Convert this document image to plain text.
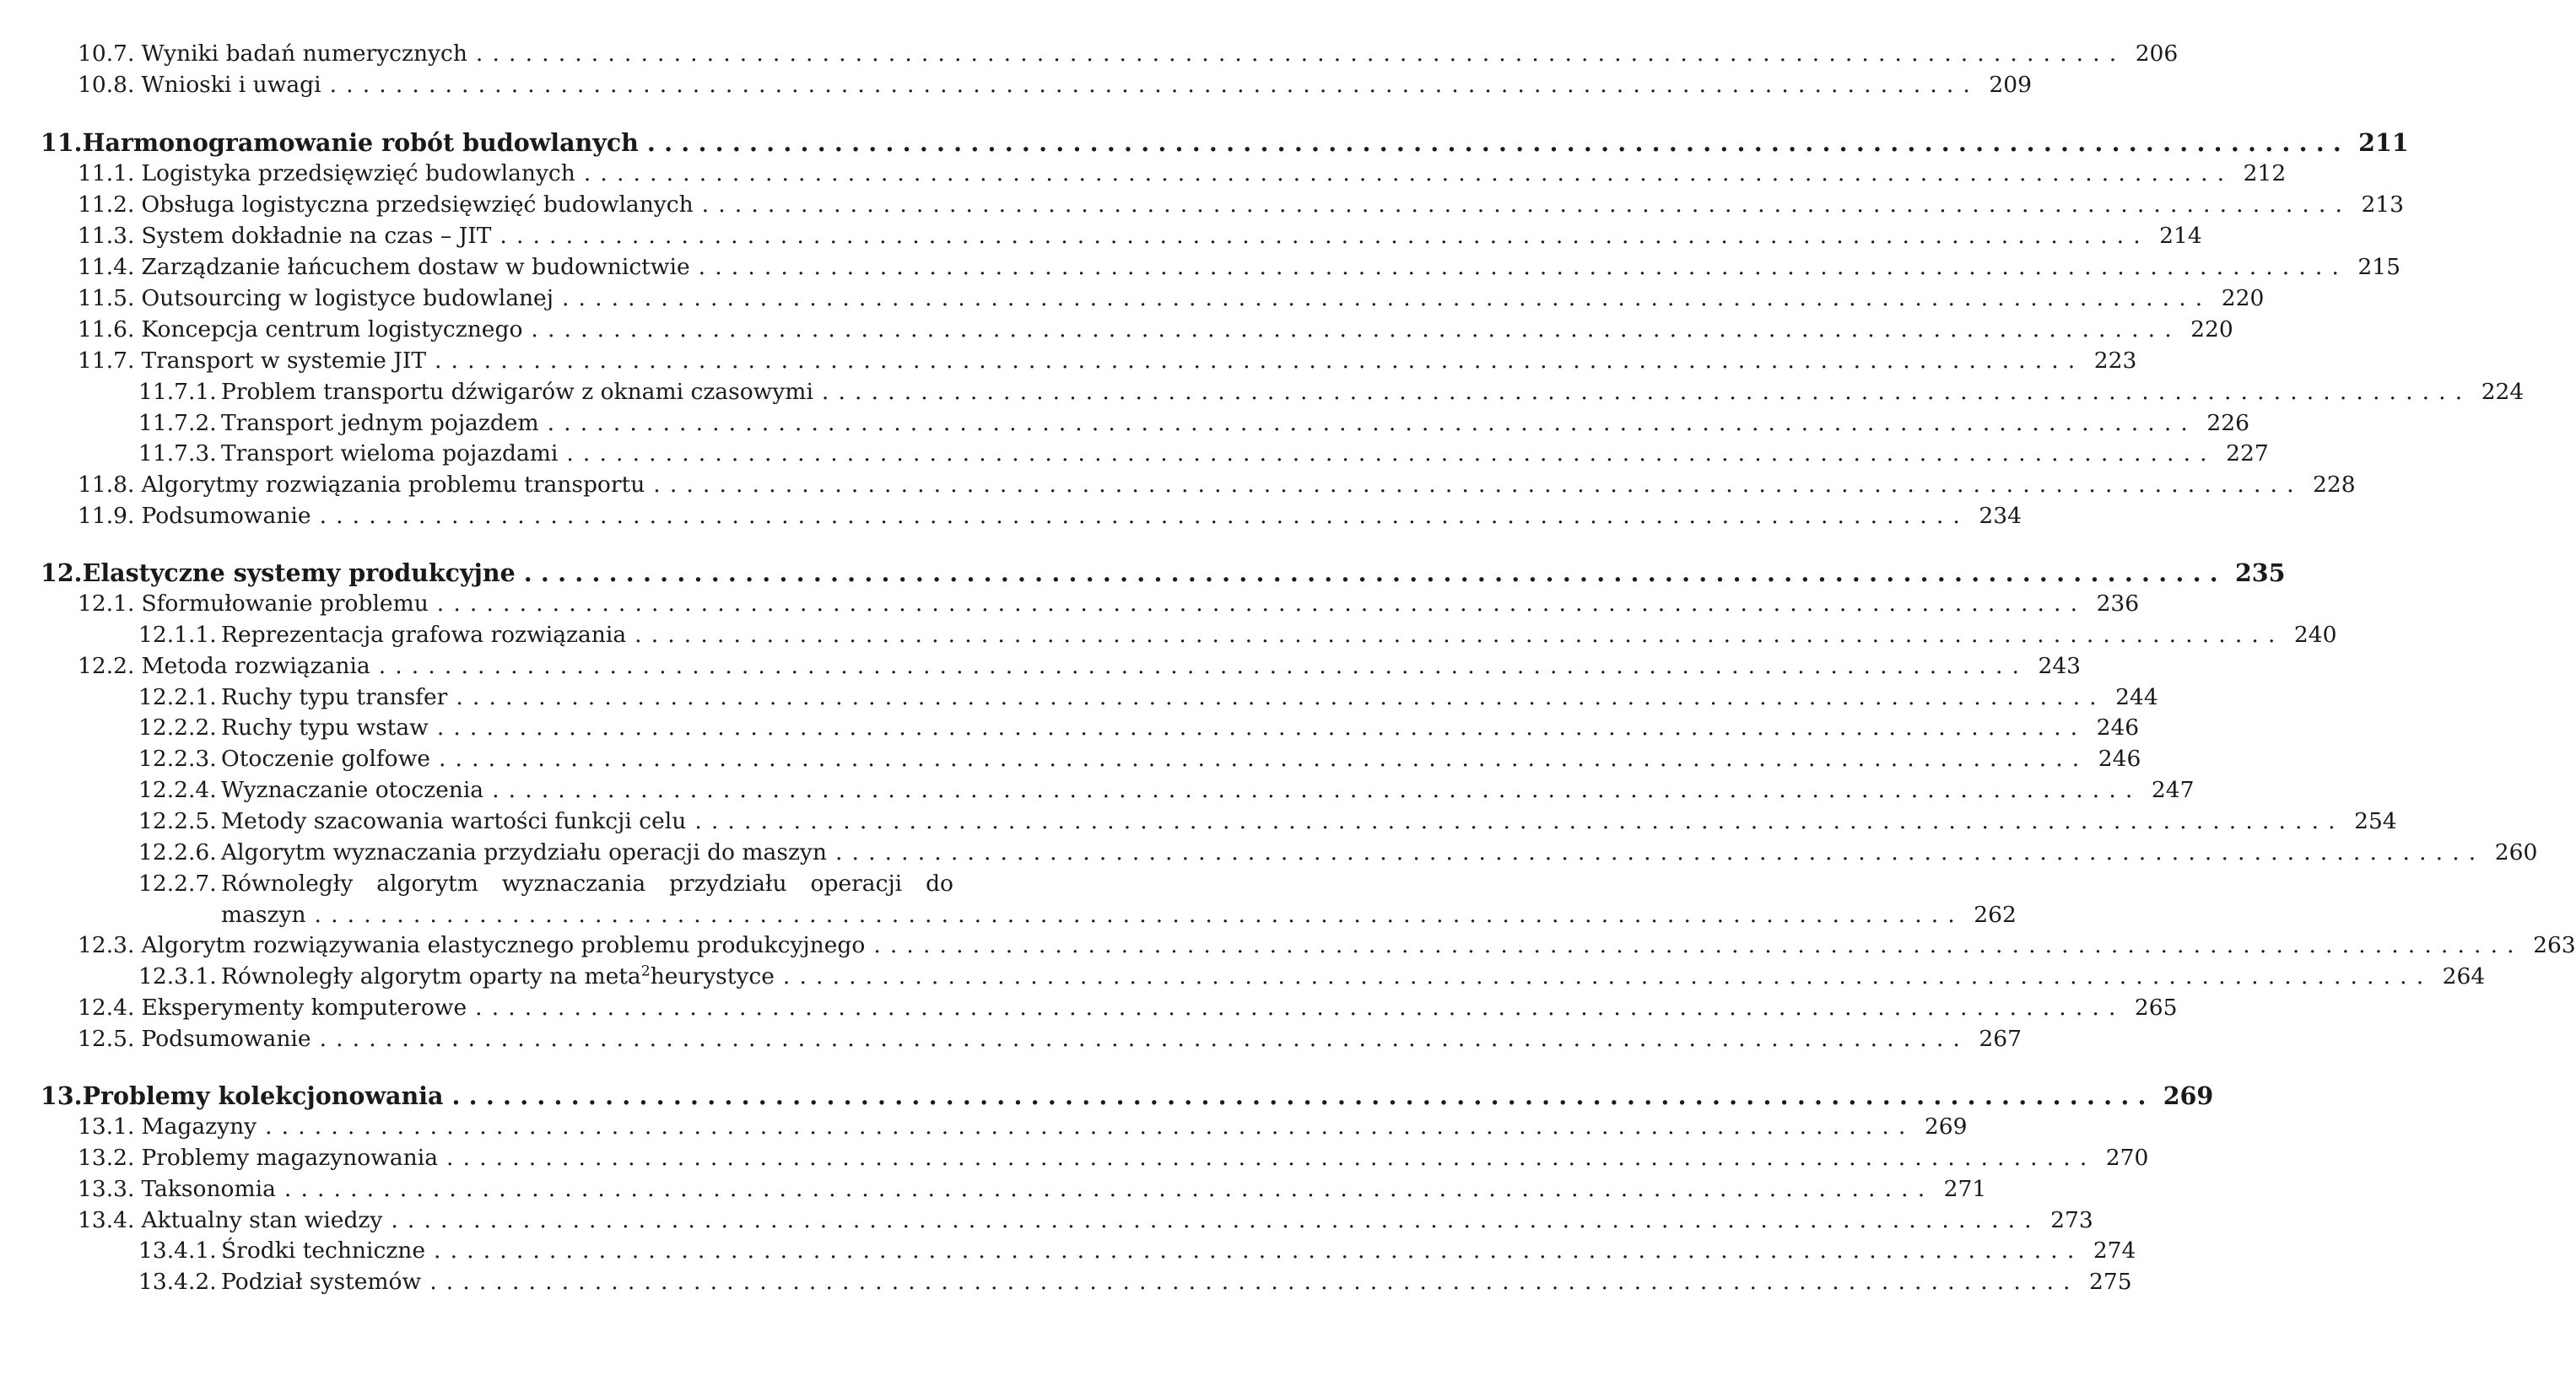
10.7. Wyniki badań numerycznych .................................................................................................... 206
10.8. Wnioski i uwagi .................................................................................................... 209
11. Harmonogramowanie robót budowlanych .................................................................................................... 211
11.1. Logistyka przedsięwzięć budowlanych .................................................................................................... 212
11.2. Obsługa logistyczna przedsięwzięć budowlanych .................................................................................................... 213
11.3. System dokładnie na czas – JIT .................................................................................................... 214
11.4. Zarządzanie łańcuchem dostaw w budownictwie .................................................................................................... 215
11.5. Outsourcing w logistyce budowlanej .................................................................................................... 220
11.6. Koncepcja centrum logistycznego .................................................................................................... 220
11.7. Transport w systemie JIT .................................................................................................... 223
11.7.1. Problem transportu dźwigarów z oknami czasowymi .................................................................................................... 224
11.7.2. Transport jednym pojazdem .................................................................................................... 226
11.7.3. Transport wieloma pojazdami .................................................................................................... 227
11.8. Algorytmy rozwiązania problemu transportu .................................................................................................... 228
11.9. Podsumowanie .................................................................................................... 234
12. Elastyczne systemy produkcyjne .................................................................................................... 235
12.1. Sformułowanie problemu .................................................................................................... 236
12.1.1. Reprezentacja grafowa rozwiązania .................................................................................................... 240
12.2. Metoda rozwiązania .................................................................................................... 243
12.2.1. Ruchy typu transfer .................................................................................................... 244
12.2.2. Ruchy typu wstaw .................................................................................................... 246
12.2.3. Otoczenie golfowe .................................................................................................... 246
12.2.4. Wyznaczanie otoczenia .................................................................................................... 247
12.2.5. Metody szacowania wartości funkcji celu .................................................................................................... 254
12.2.6. Algorytm wyznaczania przydziału operacji do maszyn .................................................................................................... 260
12.2.7. Równoległy algorytm wyznaczania przydziału operacji do
maszyn .................................................................................................... 262
12.3. Algorytm rozwiązywania elastycznego problemu produkcyjnego .................................................................................................... 263
12.3.1. Równoległy algorytm oparty na meta$^2$heurystyce .................................................................................................... 264
12.4. Eksperymenty komputerowe .................................................................................................... 265
12.5. Podsumowanie .................................................................................................... 267
13. Problemy kolekcjonowania .................................................................................................... 269
13.1. Magazyny .................................................................................................... 269
13.2. Problemy magazynowania .................................................................................................... 270
13.3. Taksonomia .................................................................................................... 271
13.4. Aktualny stan wiedzy .................................................................................................... 273
13.4.1. Środki techniczne .................................................................................................... 274
13.4.2. Podział systemów .................................................................................................... 275
